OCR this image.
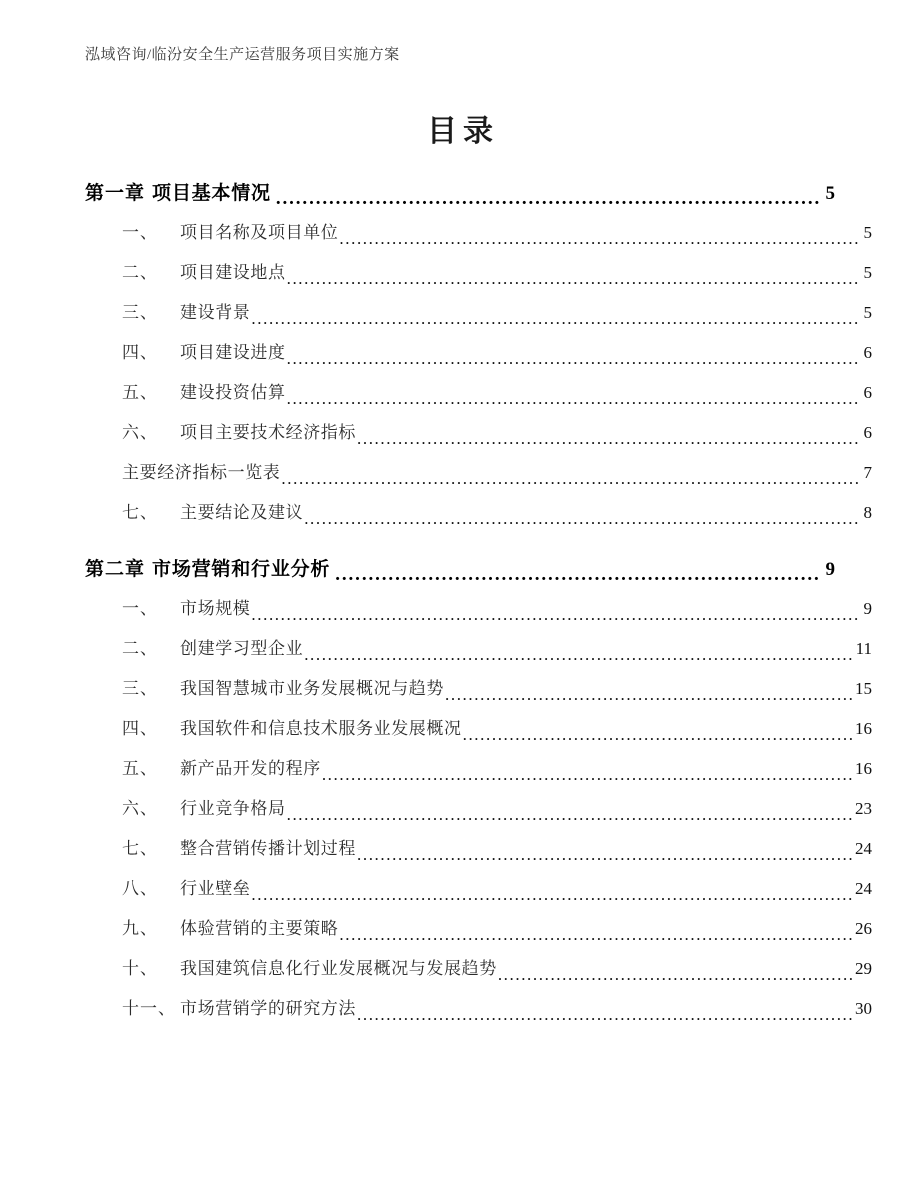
泓域咨询/临汾安全生产运营服务项目实施方案
目录
第一章 项目基本情况 .....	5
一、	项目名称及项目单位 .....	5
二、	项目建设地点 .....	5
三、	建设背景 .....	5
四、	项目建设进度 .....	6
五、	建设投资估算 .....	6
六、	项目主要技术经济指标 .....	6
主要经济指标一览表 .....	7
七、	主要结论及建议 .....	8
第二章 市场营销和行业分析 .....	9
一、	市场规模 .....	9
二、	创建学习型企业 .....	11
三、	我国智慧城市业务发展概况与趋势 .....	15
四、	我国软件和信息技术服务业发展概况 .....	16
五、	新产品开发的程序 .....	16
六、	行业竞争格局 .....	23
七、	整合营销传播计划过程 .....	24
八、	行业壁垒 .....	24
九、	体验营销的主要策略 .....	26
十、	我国建筑信息化行业发展概况与发展趋势 .....	29
十一、 市场营销学的研究方法 .....	30
